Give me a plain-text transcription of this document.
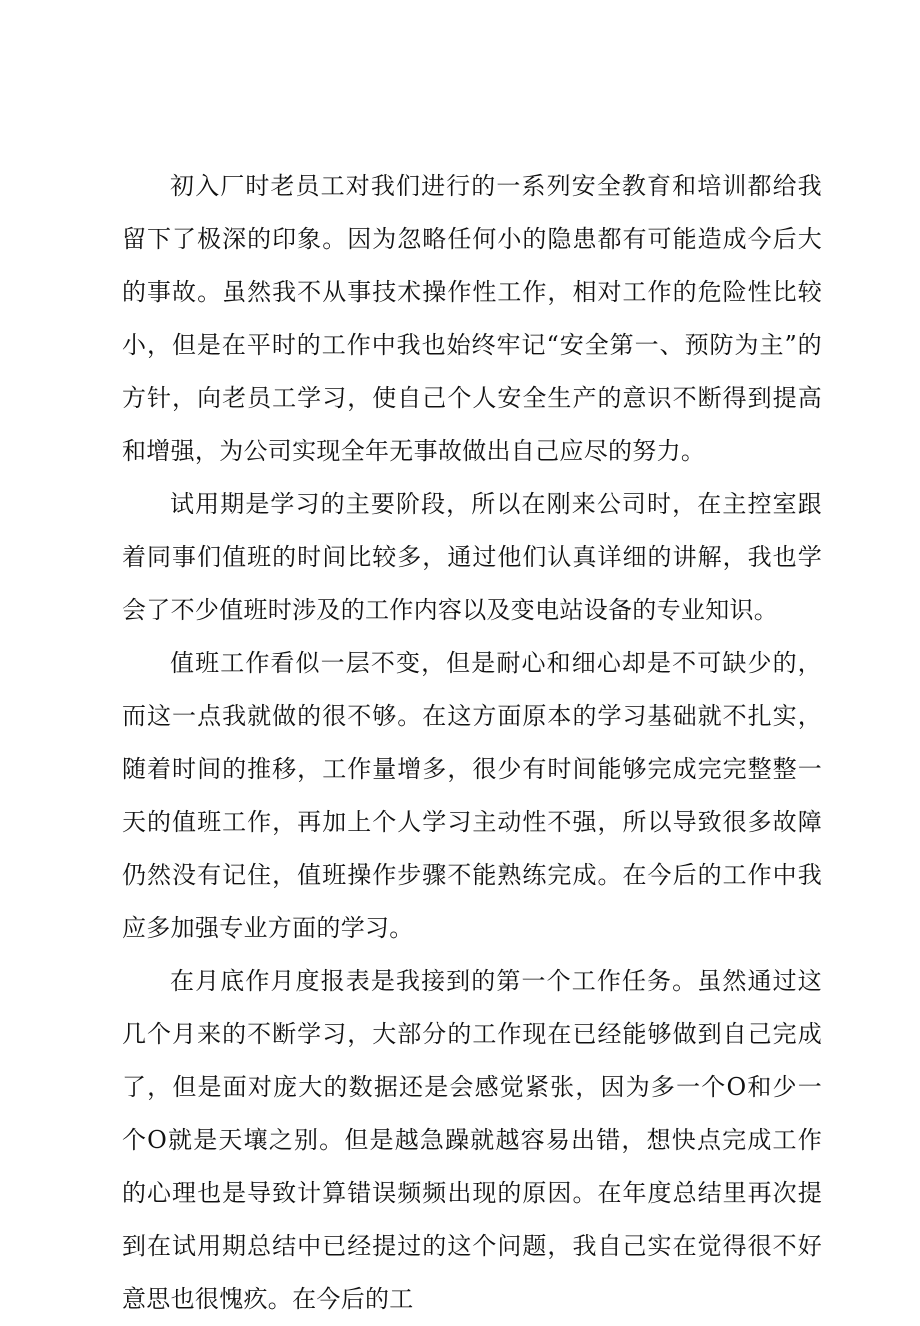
初入厂时老员工对我们进行的一系列安全教育和培训都给我留下了极深的印象。因为忽略任何小的隐患都有可能造成今后大的事故。虽然我不从事技术操作性工作，相对工作的危险性比较小，但是在平时的工作中我也始终牢记“安全第一、预防为主”的方针，向老员工学习，使自己个人安全生产的意识不断得到提高和增强，为公司实现全年无事故做出自己应尽的努力。

试用期是学习的主要阶段，所以在刚来公司时，在主控室跟着同事们值班的时间比较多，通过他们认真详细的讲解，我也学会了不少值班时涉及的工作内容以及变电站设备的专业知识。

值班工作看似一层不变，但是耐心和细心却是不可缺少的，而这一点我就做的很不够。在这方面原本的学习基础就不扎实，随着时间的推移，工作量增多，很少有时间能够完成完完整整一天的值班工作，再加上个人学习主动性不强，所以导致很多故障仍然没有记住，值班操作步骤不能熟练完成。在今后的工作中我应多加强专业方面的学习。

在月底作月度报表是我接到的第一个工作任务。虽然通过这几个月来的不断学习，大部分的工作现在已经能够做到自己完成了，但是面对庞大的数据还是会感觉紧张，因为多一个O和少一个O就是天壤之别。但是越急躁就越容易出错，想快点完成工作的心理也是导致计算错误频频出现的原因。在年度总结里再次提到在试用期总结中已经提过的这个问题，我自己实在觉得很不好意思也很愧疚。在今后的工
